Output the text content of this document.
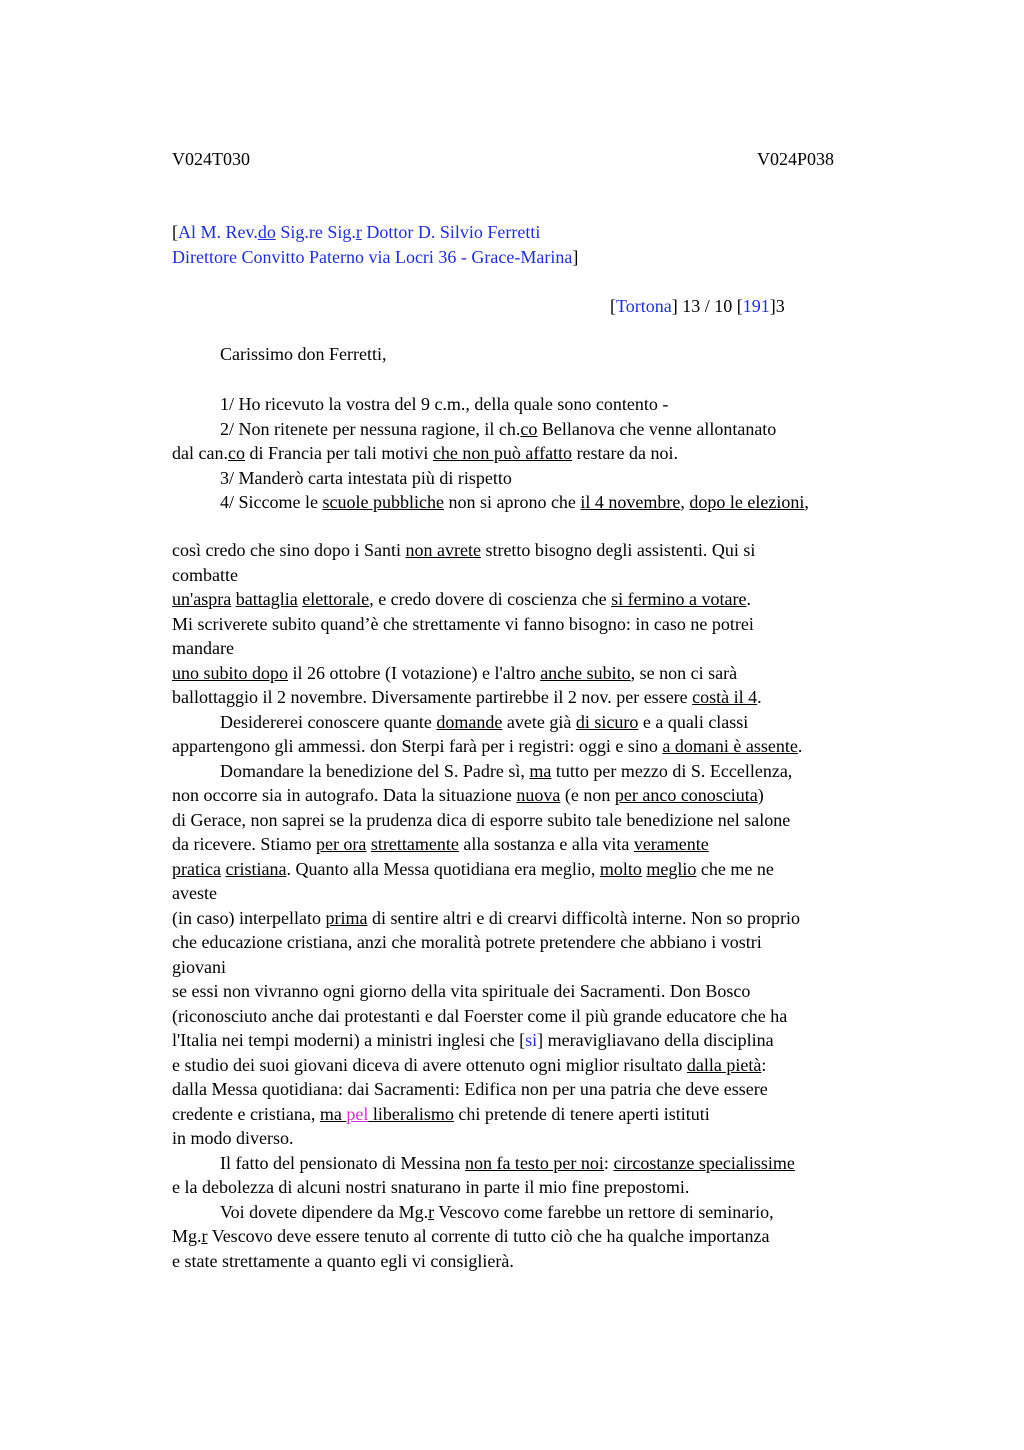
V024T030	V024P038
[Al M. Rev.do Sig.re Sig.r Dottor D. Silvio Ferretti
Direttore Convitto Paterno via Locri 36 - Grace-Marina]
[Tortona] 13 / 10 [191]3
Carissimo don Ferretti,
1/ Ho ricevuto la vostra del 9 c.m., della quale sono contento -
2/ Non ritenete per nessuna ragione, il ch.co Bellanova che venne allontanato
dal can.co di Francia per tali motivi che non può affatto restare da noi.
3/ Manderò carta intestata più di rispetto
4/ Siccome le scuole pubbliche non si aprono che il 4 novembre, dopo le elezioni,
così credo che sino dopo i Santi non avrete stretto bisogno degli assistenti. Qui si
combatte
un'aspra battaglia elettorale, e credo dovere di coscienza che si fermino a votare.
Mi scriverete subito quand’è che strettamente vi fanno bisogno: in caso ne potrei
mandare
uno subito dopo il 26 ottobre (I votazione) e l'altro anche subito, se non ci sarà
ballottaggio il 2 novembre. Diversamente partirebbe il 2 nov. per essere costà il 4.
Desidererei conoscere quante domande avete già di sicuro e a quali classi
appartengono gli ammessi. don Sterpi farà per i registri: oggi e sino a domani è assente.
Domandare la benedizione del S. Padre sì, ma tutto per mezzo di S. Eccellenza,
non occorre sia in autografo. Data la situazione nuova (e non per anco conosciuta)
di Gerace, non saprei se la prudenza dica di esporre subito tale benedizione nel salone
da ricevere. Stiamo per ora strettamente alla sostanza e alla vita veramente
pratica cristiana. Quanto alla Messa quotidiana era meglio, molto meglio che me ne
aveste
(in caso) interpellato prima di sentire altri e di crearvi difficoltà interne. Non so proprio
che educazione cristiana, anzi che moralità potrete pretendere che abbiano i vostri
giovani
se essi non vivranno ogni giorno della vita spirituale dei Sacramenti. Don Bosco
(riconosciuto anche dai protestanti e dal Foerster come il più grande educatore che ha
l'Italia nei tempi moderni) a ministri inglesi che [si] meravigliavano della disciplina
e studio dei suoi giovani diceva di avere ottenuto ogni miglior risultato dalla pietà:
dalla Messa quotidiana: dai Sacramenti: Edifica non per una patria che deve essere
credente e cristiana, ma pel liberalismo chi pretende di tenere aperti istituti
in modo diverso.
Il fatto del pensionato di Messina non fa testo per noi: circostanze specialissime
e la debolezza di alcuni nostri snaturano in parte il mio fine prepostomi.
Voi dovete dipendere da Mg.r Vescovo come farebbe un rettore di seminario,
Mg.r Vescovo deve essere tenuto al corrente di tutto ciò che ha qualche importanza
e state strettamente a quanto egli vi consiglierà.
